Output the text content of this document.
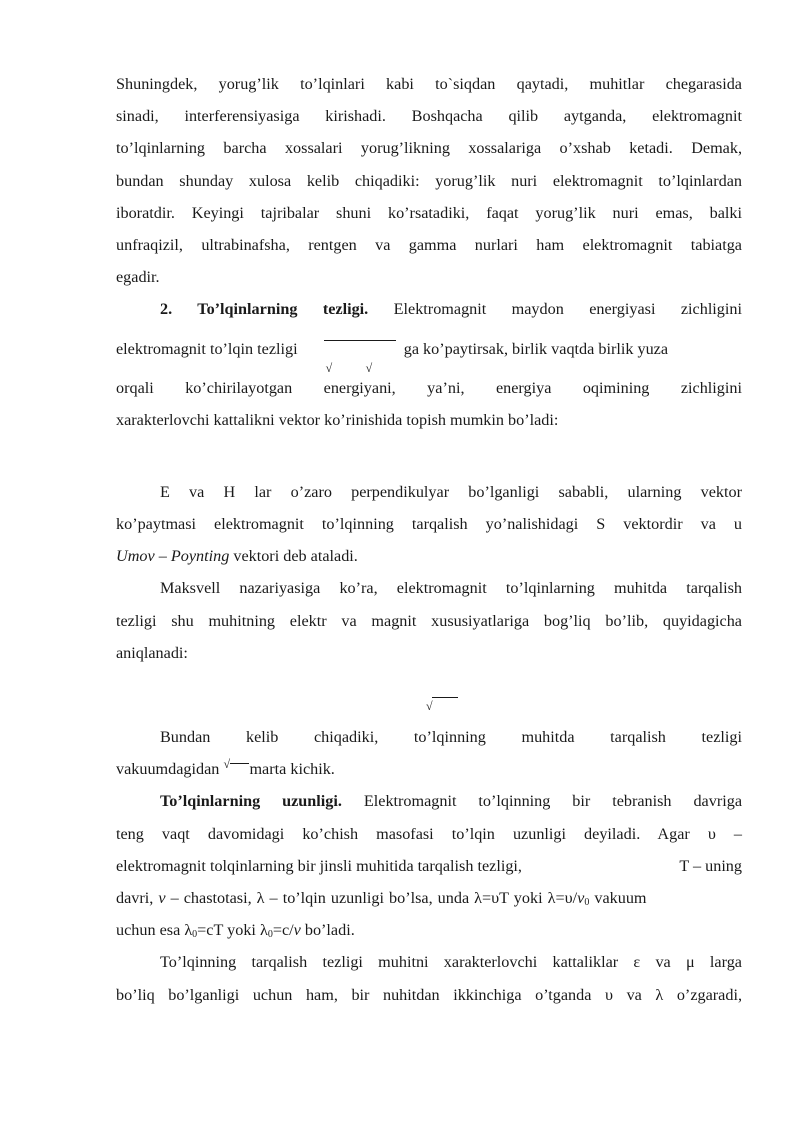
Shuningdek, yorug’lik to’lqinlari kabi to`siqdan qaytadi, muhitlar chegarasida
sinadi, interferensiyasiga kirishadi. Boshqacha qilib aytganda, elektromagnit
to’lqinlarning barcha xossalari yorug’likning xossalariga o’xshab ketadi. Demak,
bundan shunday xulosa kelib chiqadiki: yorug’lik nuri elektromagnit to’lqinlardan
iboratdir. Keyingi tajribalar shuni ko’rsatadiki, faqat yorug’lik nuri emas, balki
unfraqizil, ultrabinafsha, rentgen va gamma nurlari ham elektromagnit tabiatga
egadir.
2. To’lqinlarning tezligi. Elektromagnit maydon energiyasi zichligini
elektromagnit to’lqin tezligi
√	√
ga ko’paytirsak, birlik vaqtda birlik yuza
orqali ko’chirilayotgan energiyani, ya’ni, energiya oqimining zichligini
xarakterlovchi kattalikni vektor ko’rinishida topish mumkin bo’ladi:
E va H lar o’zaro perpendikulyar bo’lganligi sababli, ularning vektor
ko’paytmasi elektromagnit to’lqinning tarqalish yo’nalishidagi S vektordir va u
Umov – Poynting vektori deb ataladi.
Maksvell nazariyasiga ko’ra, elektromagnit to’lqinlarning muhitda tarqalish
tezligi shu muhitning elektr va magnit xususiyatlariga bog’liq bo’lib, quyidagicha
aniqlanadi:
√
Bundan kelib chiqadiki, to’lqinning muhitda tarqalish tezligi
vakuumdagidan √ marta kichik.
To’lqinlarning uzunligi. Elektromagnit to’lqinning bir tebranish davriga
teng vaqt davomidagi ko’chish masofasi to’lqin uzunligi deyiladi. Agar υ –
elektromagnit tolqinlarning bir jinsli muhitida tarqalish tezligi,	T – uning
davri, ν – chastotasi, λ – to’lqin uzunligi bo’lsa, unda λ=υT yoki $\lambda=\upsilon/\nu_0$ vakuum
uchun esa $\lambda_0=cT$ yoki $\lambda_0=c/\nu$ bo’ladi.
To’lqinning tarqalish tezligi muhitni xarakterlovchi kattaliklar ε va μ larga
bo’liq bo’lganligi uchun ham, bir nuhitdan ikkinchiga o’tganda υ va λ o’zgaradi,
